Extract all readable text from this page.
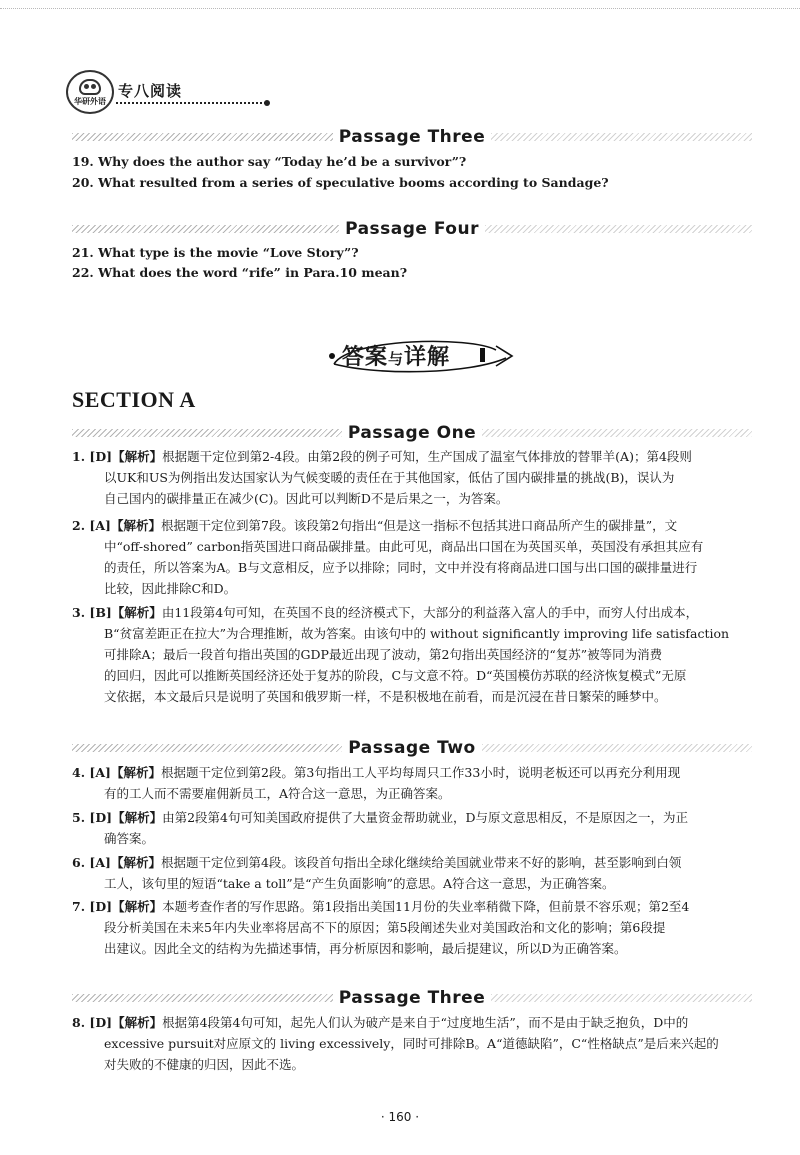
华研外语
专八阅读
Passage Three
19. Why does the author say “Today he’d be a survivor”?
20. What resulted from a series of speculative booms according to Sandage?
Passage Four
21. What type is the movie “Love Story”?
22. What does the word “rife” in Para.10 mean?
答案与详解
SECTION A
Passage One
1. [D]【解析】根据题干定位到第2-4段。由第2段的例子可知，生产国成了温室气体排放的替罪羊(A)；第4段则
以UK和US为例指出发达国家认为气候变暖的责任在于其他国家，低估了国内碳排量的挑战(B)，误认为
自己国内的碳排量正在减少(C)。因此可以判断D不是后果之一，为答案。
2. [A]【解析】根据题干定位到第7段。该段第2句指出“但是这一指标不包括其进口商品所产生的碳排量”，文
中“off-shored” carbon指英国进口商品碳排量。由此可见，商品出口国在为英国买单，英国没有承担其应有
的责任，所以答案为A。B与文意相反，应予以排除；同时，文中并没有将商品进口国与出口国的碳排量进行
比较，因此排除C和D。
3. [B]【解析】由11段第4句可知，在英国不良的经济模式下，大部分的利益落入富人的手中，而穷人付出成本，
B“贫富差距正在拉大”为合理推断，故为答案。由该句中的 without significantly improving life satisfaction
可排除A；最后一段首句指出英国的GDP最近出现了波动，第2句指出英国经济的“复苏”被等同为消费
的回归，因此可以推断英国经济还处于复苏的阶段，C与文意不符。D“英国模仿苏联的经济恢复模式”无原
文依据，本文最后只是说明了英国和俄罗斯一样，不是积极地在前看，而是沉浸在昔日繁荣的睡梦中。
Passage Two
4. [A]【解析】根据题干定位到第2段。第3句指出工人平均每周只工作33小时，说明老板还可以再充分利用现
有的工人而不需要雇佣新员工，A符合这一意思，为正确答案。
5. [D]【解析】由第2段第4句可知美国政府提供了大量资金帮助就业，D与原文意思相反，不是原因之一，为正
确答案。
6. [A]【解析】根据题干定位到第4段。该段首句指出全球化继续给美国就业带来不好的影响，甚至影响到白领
工人，该句里的短语“take a toll”是“产生负面影响”的意思。A符合这一意思，为正确答案。
7. [D]【解析】本题考查作者的写作思路。第1段指出美国11月份的失业率稍微下降，但前景不容乐观；第2至4
段分析美国在未来5年内失业率将居高不下的原因；第5段阐述失业对美国政治和文化的影响；第6段提
出建议。因此全文的结构为先描述事情，再分析原因和影响，最后提建议，所以D为正确答案。
Passage Three
8. [D]【解析】根据第4段第4句可知，起先人们认为破产是来自于“过度地生活”，而不是由于缺乏抱负，D中的
excessive pursuit对应原文的 living excessively，同时可排除B。A“道德缺陷”，C“性格缺点”是后来兴起的
对失败的不健康的归因，因此不选。
· 160 ·
